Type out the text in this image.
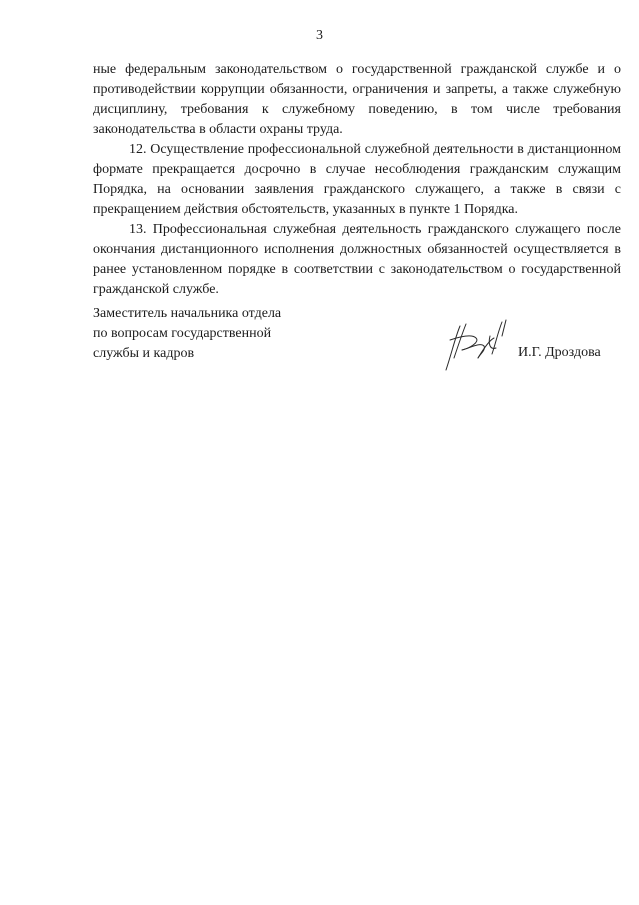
3

ные федеральным законодательством о государственной гражданской службе и о противодействии коррупции обязанности, ограничения и запреты, а также служебную дисциплину, требования к служебному поведению, в том числе требования законодательства в области охраны труда.

12. Осуществление профессиональной служебной деятельности в дистанционном формате прекращается досрочно в случае несоблюдения гражданским служащим Порядка, на основании заявления гражданского служащего, а также в связи с прекращением действия обстоятельств, указанных в пункте 1 Порядка.

13. Профессиональная служебная деятельность гражданского служащего после окончания дистанционного исполнения должностных обязанностей осуществляется в ранее установленном порядке в соответствии с законодательством о государственной гражданской службе.

Заместитель начальника отдела
по вопросам государственной
службы и кадров	И.Г. Дроздова
